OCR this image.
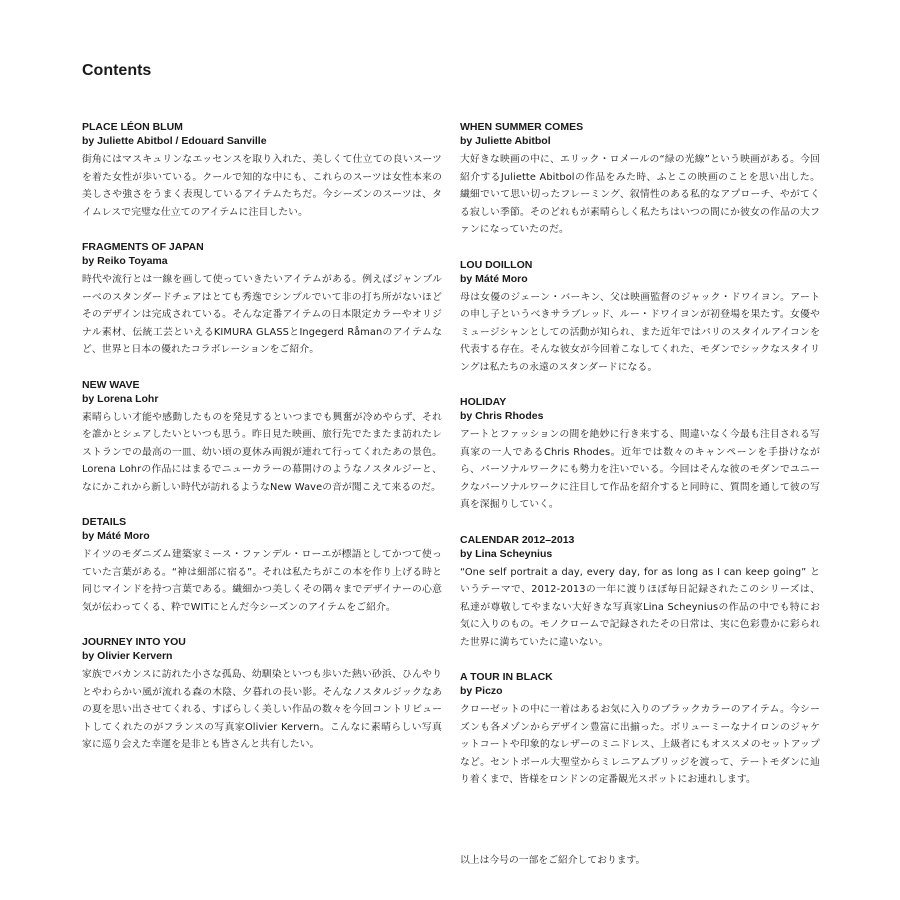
Contents

PLACE LÉON BLUM

by Juliette Abitbol / Edouard Sanville

街角にはマスキュリンなエッセンスを取り入れた、美しくて仕立ての良いスーツを着た女性が歩いている。クールで知的な中にも、これらのスーツは女性本来の美しさや強さをうまく表現しているアイテムたちだ。今シーズンのスーツは、タイムレスで完璧な仕立てのアイテムに注目したい。

FRAGMENTS OF JAPAN

by Reiko Toyama

時代や流行とは一線を画して使っていきたいアイテムがある。例えばジャンブルーべのスタンダードチェアはとても秀逸でシンプルでいて非の打ち所がないほどそのデザインは完成されている。そんな定番アイテムの日本限定カラーやオリジナル素材、伝統工芸といえるKIMURA GLASSとIngegerd Råmanのアイテムなど、世界と日本の優れたコラボレーションをご紹介。

NEW WAVE

by Lorena Lohr

素晴らしい才能や感動したものを発見するといつまでも興奮が冷めやらず、それを誰かとシェアしたいといつも思う。昨日見た映画、旅行先でたまたま訪れたレストランでの最高の一皿、幼い頃の夏休み両親が連れて行ってくれたあの景色。Lorena Lohrの作品にはまるでニューカラーの幕開けのようなノスタルジーと、なにかこれから新しい時代が訪れるようなNew Waveの音が聞こえて来るのだ。

DETAILS

by Máté Moro

ドイツのモダニズム建築家ミース・ファンデル・ローエが標語としてかつて使っていた言葉がある。“神は細部に宿る”。それは私たちがこの本を作り上げる時と同じマインドを持つ言葉である。繊細かつ美しくその隅々までデザイナーの心意気が伝わってくる、粋でWITにとんだ今シーズンのアイテムをご紹介。

JOURNEY INTO YOU

by Olivier Kervern

家族でバカンスに訪れた小さな孤島、幼馴染といつも歩いた熱い砂浜、ひんやりとやわらかい風が流れる森の木陰、夕暮れの長い影。そんなノスタルジックなあの夏を思い出させてくれる、すばらしく美しい作品の数々を今回コントリビュートしてくれたのがフランスの写真家Olivier Kervern。こんなに素晴らしい写真家に巡り会えた幸運を是非とも皆さんと共有したい。

WHEN SUMMER COMES

by Juliette Abitbol

大好きな映画の中に、エリック・ロメールの“緑の光線”という映画がある。今回紹介するJuliette Abitbolの作品をみた時、ふとこの映画のことを思い出した。繊細でいて思い切ったフレーミング、叙情性のある私的なアプローチ、やがてくる寂しい季節。そのどれもが素晴らしく私たちはいつの間にか彼女の作品の大ファンになっていたのだ。

LOU DOILLON

by Máté Moro

母は女優のジェーン・バーキン、父は映画監督のジャック・ドワイヨン。アートの申し子というべきサラブレッド、ルー・ドワイヨンが初登場を果たす。女優やミュージシャンとしての活動が知られ、また近年ではパリのスタイルアイコンを代表する存在。そんな彼女が今回着こなしてくれた、モダンでシックなスタイリングは私たちの永遠のスタンダードになる。

HOLIDAY

by Chris Rhodes

アートとファッションの間を絶妙に行き来する、間違いなく今最も注目される写真家の一人であるChris Rhodes。近年では数々のキャンペーンを手掛けながら、パーソナルワークにも勢力を注いでいる。今回はそんな彼のモダンでユニークなパーソナルワークに注目して作品を紹介すると同時に、質問を通して彼の写真を深掘りしていく。

CALENDAR 2012–2013

by Lina Scheynius

“One self portrait a day, every day, for as long as I can keep going” というテーマで、2012-2013の一年に渡りほぼ毎日記録されたこのシリーズは、私達が尊敬してやまない大好きな写真家Lina Scheyniusの作品の中でも特にお気に入りのもの。モノクロームで記録されたその日常は、実に色彩豊かに彩られた世界に満ちていたに違いない。

A TOUR IN BLACK

by Piczo

クローゼットの中に一着はあるお気に入りのブラックカラーのアイテム。今シーズンも各メゾンからデザイン豊富に出揃った。ボリューミーなナイロンのジャケットコートや印象的なレザーのミニドレス、上級者にもオススメのセットアップなど。セントポール大聖堂からミレニアムブリッジを渡って、テートモダンに辿り着くまで、皆様をロンドンの定番観光スポットにお連れします。

以上は今号の一部をご紹介しております。
